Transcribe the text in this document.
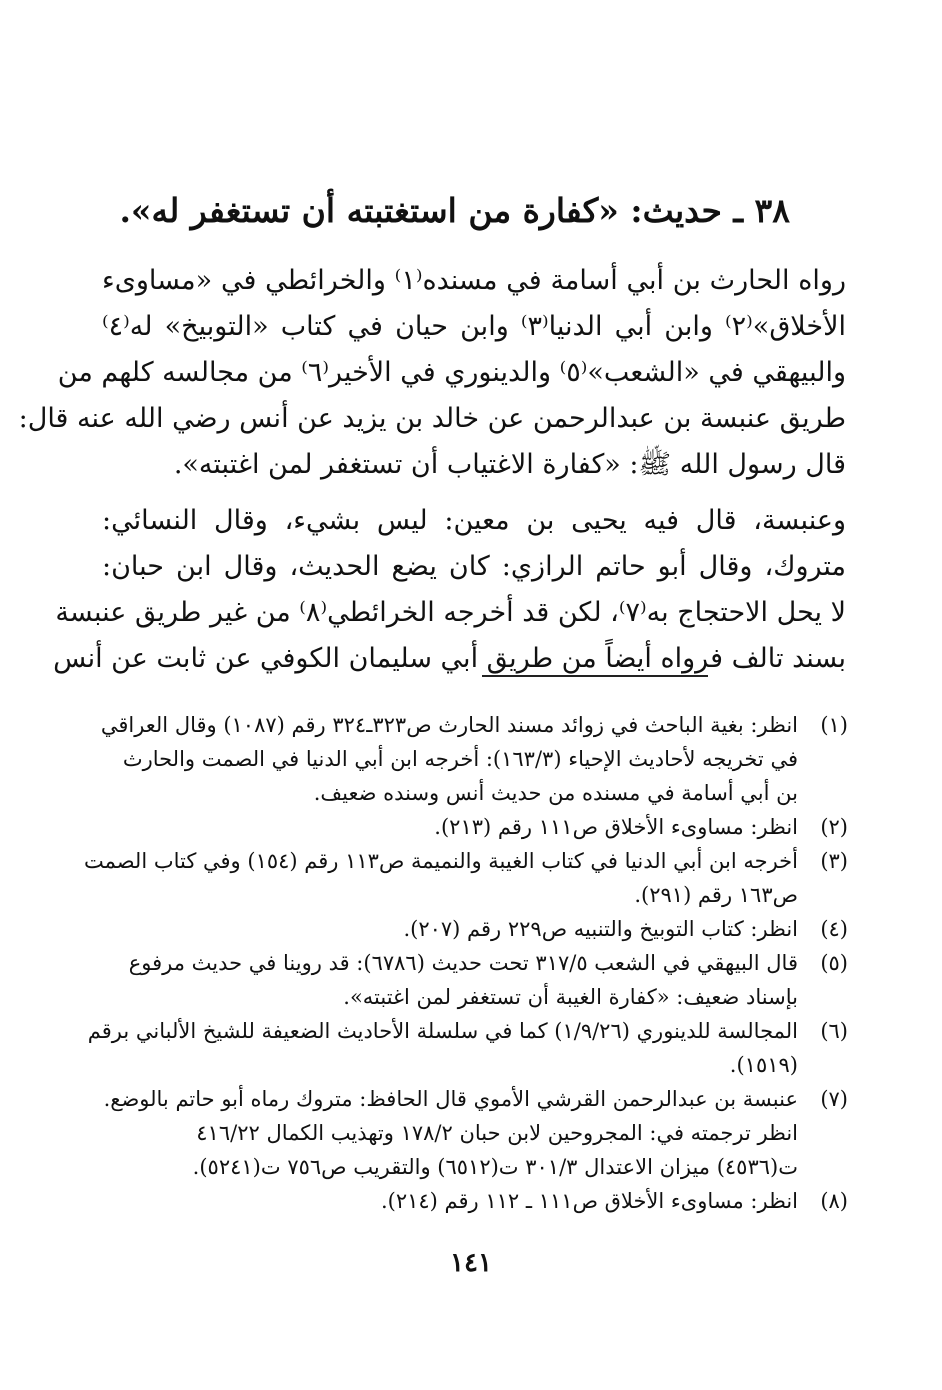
٣٨ ـ حديث: «كفارة من استغتبته أن تستغفر له».
رواه الحارث بن أبي أسامة في مسنده⁽١⁾ والخرائطي في «مساوىء
الأخلاق»⁽٢⁾ وابن أبي الدنيا⁽٣⁾ وابن حيان في كتاب «التوبيخ» له⁽٤⁾
والبيهقي في «الشعب»⁽٥⁾ والدينوري في الأخير⁽٦⁾ من مجالسه كلهم من
طريق عنبسة بن عبدالرحمن عن خالد بن يزيد عن أنس رضي الله عنه قال:
قال رسول الله ﷺ: «كفارة الاغتياب أن تستغفر لمن اغتبته».
وعنبسة، قال فيه يحيى بن معين: ليس بشيء، وقال النسائي:
متروك، وقال أبو حاتم الرازي: كان يضع الحديث، وقال ابن حبان:
لا يحل الاحتجاج به⁽٧⁾، لكن قد أخرجه الخرائطي⁽٨⁾ من غير طريق عنبسة
بسند تالف فرواه أيضاً من طريق أبي سليمان الكوفي عن ثابت عن أنس
(١)
انظر: بغية الباحث في زوائد مسند الحارث ص٣٢٣ـ٣٢٤ رقم (١٠٨٧) وقال العراقي
في تخريجه لأحاديث الإحياء (١٦٣/٣): أخرجه ابن أبي الدنيا في الصمت والحارث
بن أبي أسامة في مسنده من حديث أنس وسنده ضعيف.
(٢)
انظر: مساوىء الأخلاق ص١١١ رقم (٢١٣).
(٣)
أخرجه ابن أبي الدنيا في كتاب الغيبة والنميمة ص١١٣ رقم (١٥٤) وفي كتاب الصمت
ص١٦٣ رقم (٢٩١).
(٤)
انظر: كتاب التوبيخ والتنبيه ص٢٢٩ رقم (٢٠٧).
(٥)
قال البيهقي في الشعب ٣١٧/٥ تحت حديث (٦٧٨٦): قد روينا في حديث مرفوع
بإسناد ضعيف: «كفارة الغيبة أن تستغفر لمن اغتبته».
(٦)
المجالسة للدينوري (١/٩/٢٦) كما في سلسلة الأحاديث الضعيفة للشيخ الألباني برقم
(١٥١٩).
(٧)
عنبسة بن عبدالرحمن القرشي الأموي قال الحافظ: متروك رماه أبو حاتم بالوضع.
انظر ترجمته في: المجروحين لابن حبان ١٧٨/٢ وتهذيب الكمال ٤١٦/٢٢
ت(٤٥٣٦) ميزان الاعتدال ٣٠١/٣ ت(٦٥١٢) والتقريب ص٧٥٦ ت(٥٢٤١).
(٨)
انظر: مساوىء الأخلاق ص١١١ ـ ١١٢ رقم (٢١٤).
١٤١
